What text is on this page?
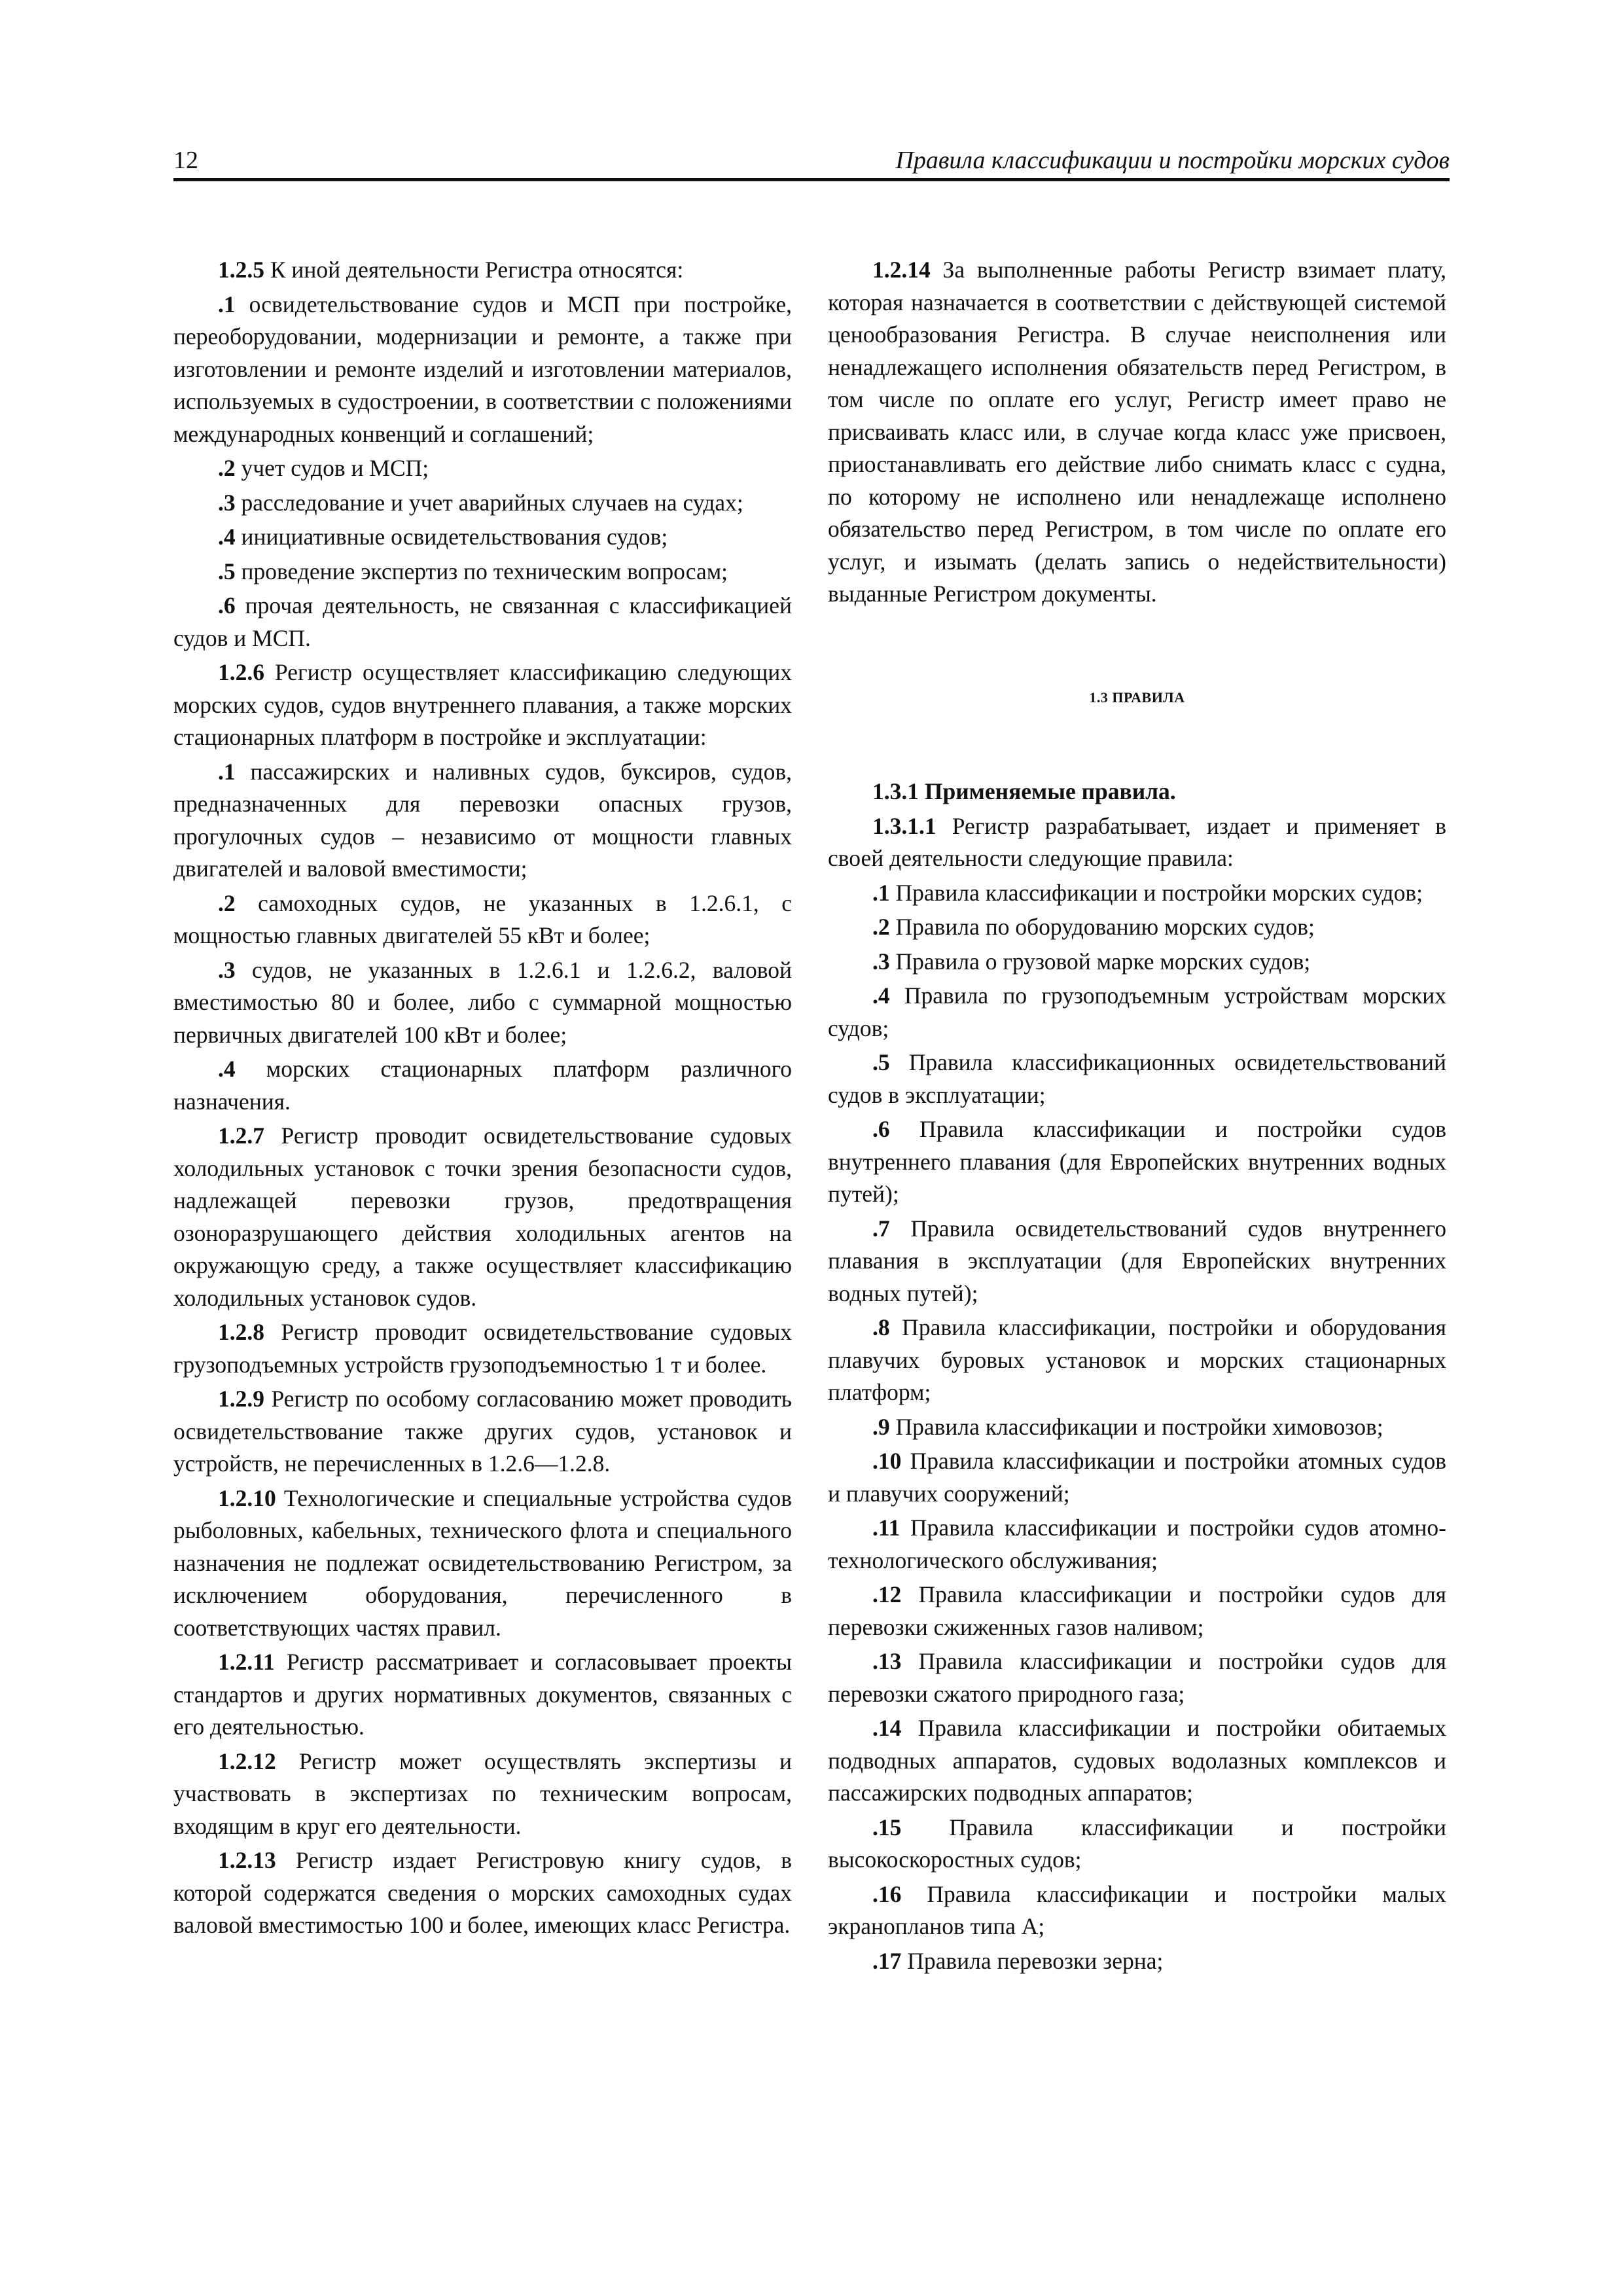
12	Правила классификации и постройки морских судов

1.2.5 К иной деятельности Регистра относятся:

.1 освидетельствование судов и МСП при постройке, переоборудовании, модернизации и ремонте, а также при изготовлении и ремонте изделий и изготовлении материалов, используемых в судостроении, в соответствии с положениями международных конвенций и соглашений;

.2 учет судов и МСП;

.3 расследование и учет аварийных случаев на судах;

.4 инициативные освидетельствования судов;

.5 проведение экспертиз по техническим вопросам;

.6 прочая деятельность, не связанная с классификацией судов и МСП.

1.2.6 Регистр осуществляет классификацию следующих морских судов, судов внутреннего плавания, а также морских стационарных платформ в постройке и эксплуатации:

.1 пассажирских и наливных судов, буксиров, судов, предназначенных для перевозки опасных грузов, прогулочных судов – независимо от мощности главных двигателей и валовой вместимости;

.2 самоходных судов, не указанных в 1.2.6.1, с мощностью главных двигателей 55 кВт и более;

.3 судов, не указанных в 1.2.6.1 и 1.2.6.2, валовой вместимостью 80 и более, либо с суммарной мощностью первичных двигателей 100 кВт и более;

.4 морских стационарных платформ различного назначения.

1.2.7 Регистр проводит освидетельствование судовых холодильных установок с точки зрения безопасности судов, надлежащей перевозки грузов, предотвращения озоноразрушающего действия холодильных агентов на окружающую среду, а также осуществляет классификацию холодильных установок судов.

1.2.8 Регистр проводит освидетельствование судовых грузоподъемных устройств грузоподъемностью 1 т и более.

1.2.9 Регистр по особому согласованию может проводить освидетельствование также других судов, установок и устройств, не перечисленных в 1.2.6—1.2.8.

1.2.10 Технологические и специальные устройства судов рыболовных, кабельных, технического флота и специального назначения не подлежат освидетельствованию Регистром, за исключением оборудования, перечисленного в соответствующих частях правил.

1.2.11 Регистр рассматривает и согласовывает проекты стандартов и других нормативных документов, связанных с его деятельностью.

1.2.12 Регистр может осуществлять экспертизы и участвовать в экспертизах по техническим вопросам, входящим в круг его деятельности.

1.2.13 Регистр издает Регистровую книгу судов, в которой содержатся сведения о морских самоходных судах валовой вместимостью 100 и более, имеющих класс Регистра.

1.2.14 За выполненные работы Регистр взимает плату, которая назначается в соответствии с действующей системой ценообразования Регистра. В случае неисполнения или ненадлежащего исполнения обязательств перед Регистром, в том числе по оплате его услуг, Регистр имеет право не присваивать класс или, в случае когда класс уже присвоен, приостанавливать его действие либо снимать класс с судна, по которому не исполнено или ненадлежаще исполнено обязательство перед Регистром, в том числе по оплате его услуг, и изымать (делать запись о недействительности) выданные Регистром документы.

1.3 ПРАВИЛА

1.3.1 Применяемые правила.

1.3.1.1 Регистр разрабатывает, издает и применяет в своей деятельности следующие правила:

.1 Правила классификации и постройки морских судов;

.2 Правила по оборудованию морских судов;

.3 Правила о грузовой марке морских судов;

.4 Правила по грузоподъемным устройствам морских судов;

.5 Правила классификационных освидетельствований судов в эксплуатации;

.6 Правила классификации и постройки судов внутреннего плавания (для Европейских внутренних водных путей);

.7 Правила освидетельствований судов внутреннего плавания в эксплуатации (для Европейских внутренних водных путей);

.8 Правила классификации, постройки и оборудования плавучих буровых установок и морских стационарных платформ;

.9 Правила классификации и постройки химовозов;

.10 Правила классификации и постройки атомных судов и плавучих сооружений;

.11 Правила классификации и постройки судов атомно-технологического обслуживания;

.12 Правила классификации и постройки судов для перевозки сжиженных газов наливом;

.13 Правила классификации и постройки судов для перевозки сжатого природного газа;

.14 Правила классификации и постройки обитаемых подводных аппаратов, судовых водолазных комплексов и пассажирских подводных аппаратов;

.15 Правила классификации и постройки высокоскоростных судов;

.16 Правила классификации и постройки малых экранопланов типа А;

.17 Правила перевозки зерна;
